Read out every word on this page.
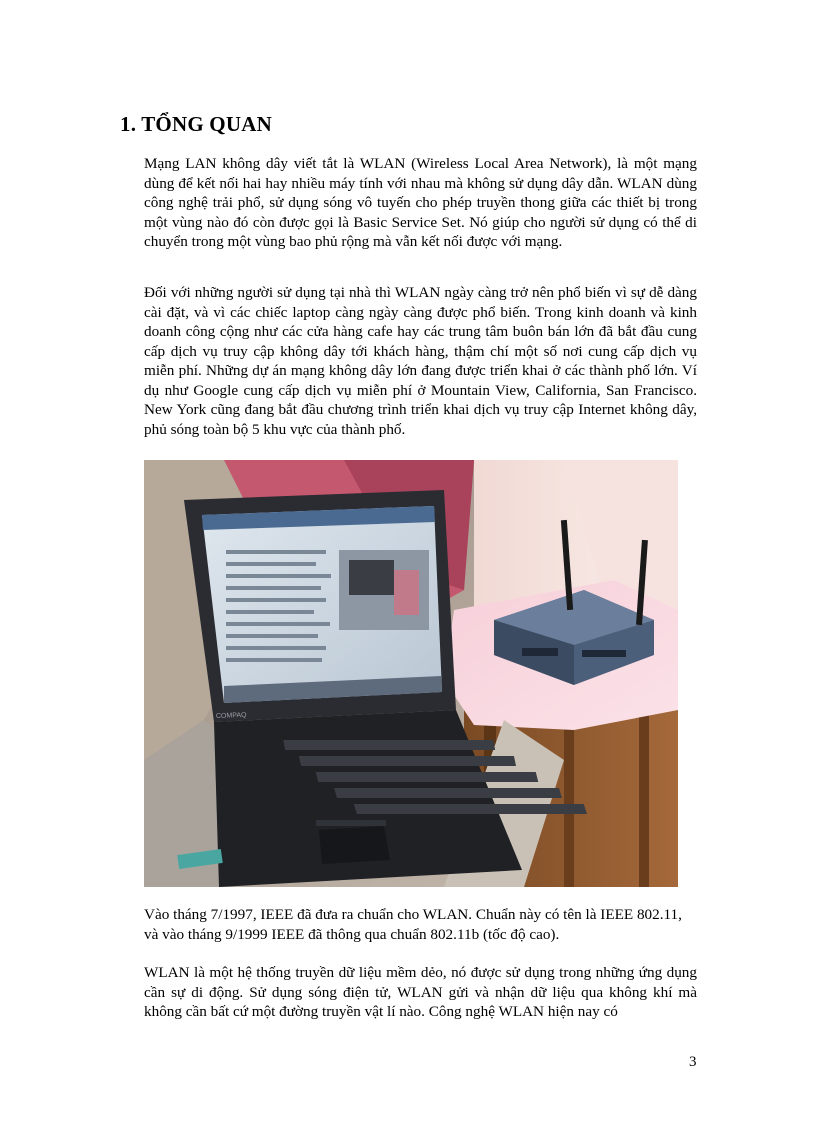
1. TỔNG QUAN

Mạng LAN không dây viết tắt là WLAN (Wireless Local Area Network), là một mạng dùng để kết nối hai hay nhiều máy tính với nhau mà không sử dụng dây dẫn. WLAN dùng công nghệ trải phổ, sử dụng sóng vô tuyến cho phép truyền thong giữa các thiết bị trong một vùng nào đó còn được gọi là Basic Service Set. Nó giúp cho người sử dụng có thể di chuyển trong một vùng bao phủ rộng mà vẫn kết nối được với mạng.

Đối với những người sử dụng tại nhà thì WLAN ngày càng trở nên phổ biến vì sự dễ dàng cài đặt, và vì các chiếc laptop càng ngày càng được phổ biến. Trong kinh doanh và kinh doanh công cộng như các cửa hàng cafe hay các trung tâm buôn bán lớn đã bắt đầu cung cấp dịch vụ truy cập không dây tới khách hàng, thậm chí một số nơi cung cấp dịch vụ miễn phí. Những dự án mạng không dây lớn đang được triển khai ở các thành phố lớn. Ví dụ như Google cung cấp dịch vụ miễn phí ở Mountain View, California, San Francisco. New York cũng đang bắt đầu chương trình triển khai dịch vụ truy cập Internet không dây, phủ sóng toàn bộ 5 khu vực của thành phố.

COMPAQ

Vào tháng 7/1997, IEEE đã đưa ra chuẩn cho WLAN. Chuẩn này có tên là IEEE 802.11, và vào tháng 9/1999 IEEE đã thông qua chuẩn 802.11b (tốc độ cao).

WLAN là một hệ thống truyền dữ liệu mềm dẻo, nó được sử dụng trong những ứng dụng cần sự di động. Sử dụng sóng điện tử, WLAN gửi và nhận dữ liệu qua không khí mà không cần bất cứ một đường truyền vật lí nào. Công nghệ WLAN hiện nay có

3
